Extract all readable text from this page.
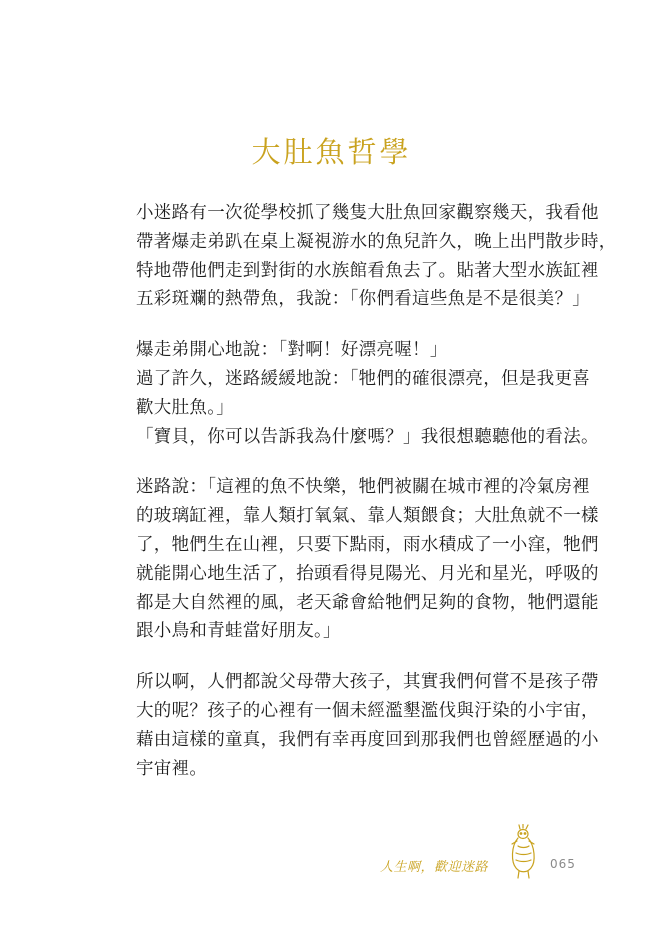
大肚魚哲學
小迷路有一次從學校抓了幾隻大肚魚回家觀察幾天，我看他
帶著爆走弟趴在桌上凝視游水的魚兒許久，晚上出門散步時，
特地帶他們走到對街的水族館看魚去了。貼著大型水族缸裡
五彩斑斕的熱帶魚，我說：「你們看這些魚是不是很美？」
爆走弟開心地說：「對啊！好漂亮喔！」
過了許久，迷路緩緩地說：「牠們的確很漂亮，但是我更喜
歡大肚魚。」
「寶貝，你可以告訴我為什麼嗎？」我很想聽聽他的看法。
迷路說：「這裡的魚不快樂，牠們被關在城市裡的冷氣房裡
的玻璃缸裡，靠人類打氧氣、靠人類餵食；大肚魚就不一樣
了，牠們生在山裡，只要下點雨，雨水積成了一小窪，牠們
就能開心地生活了，抬頭看得見陽光、月光和星光，呼吸的
都是大自然裡的風，老天爺會給牠們足夠的食物，牠們還能
跟小鳥和青蛙當好朋友。」
所以啊，人們都說父母帶大孩子，其實我們何嘗不是孩子帶
大的呢？孩子的心裡有一個未經濫墾濫伐與汙染的小宇宙，
藉由這樣的童真，我們有幸再度回到那我們也曾經歷過的小
宇宙裡。
人生啊，歡迎迷路	065
